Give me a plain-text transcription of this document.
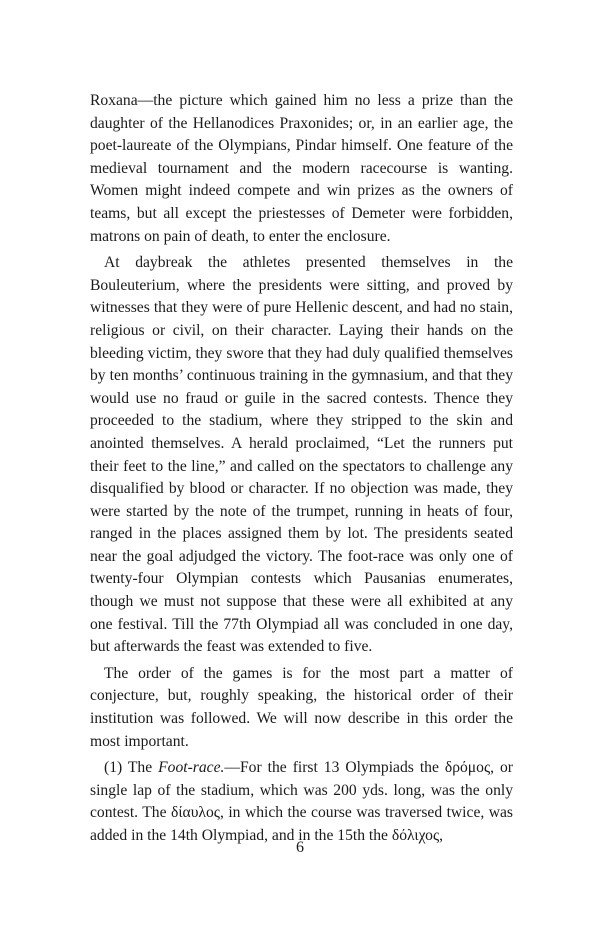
Roxana—the picture which gained him no less a prize than the daughter of the Hellanodices Praxonides; or, in an earlier age, the poet-laureate of the Olympians, Pindar himself. One feature of the medieval tournament and the modern racecourse is wanting. Women might indeed compete and win prizes as the owners of teams, but all except the priestesses of Demeter were forbidden, matrons on pain of death, to enter the enclosure.

At daybreak the athletes presented themselves in the Bouleuterium, where the presidents were sitting, and proved by witnesses that they were of pure Hellenic descent, and had no stain, religious or civil, on their character. Laying their hands on the bleeding victim, they swore that they had duly qualified themselves by ten months’ continuous training in the gymnasium, and that they would use no fraud or guile in the sacred contests. Thence they proceeded to the stadium, where they stripped to the skin and anointed themselves. A herald proclaimed, “Let the runners put their feet to the line,” and called on the spectators to challenge any disqualified by blood or character. If no objection was made, they were started by the note of the trumpet, running in heats of four, ranged in the places assigned them by lot. The presidents seated near the goal adjudged the victory. The foot-race was only one of twenty-four Olympian contests which Pausanias enumerates, though we must not suppose that these were all exhibited at any one festival. Till the 77th Olympiad all was concluded in one day, but afterwards the feast was extended to five.

The order of the games is for the most part a matter of conjecture, but, roughly speaking, the historical order of their institution was followed. We will now describe in this order the most important.

(1) The Foot-race.—For the first 13 Olympiads the δρόμος, or single lap of the stadium, which was 200 yds. long, was the only contest. The δίαυλος, in which the course was traversed twice, was added in the 14th Olympiad, and in the 15th the δόλιχος,

6
